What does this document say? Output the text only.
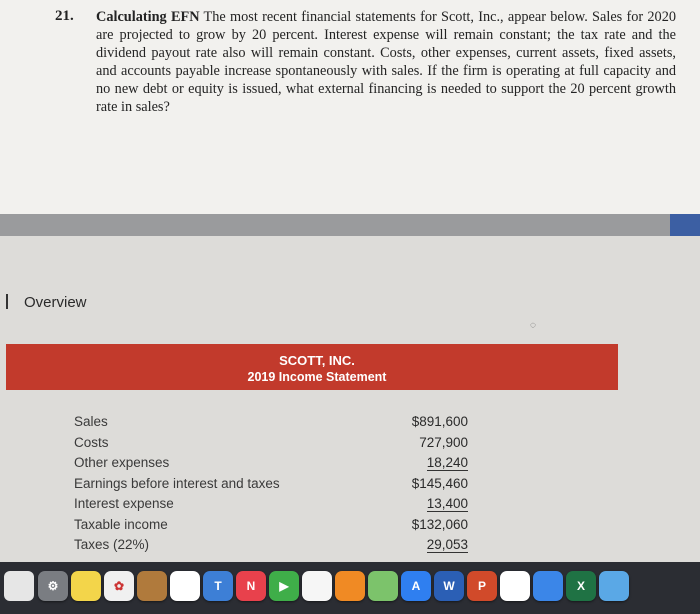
21. Calculating EFN The most recent financial statements for Scott, Inc., appear below. Sales for 2020 are projected to grow by 20 percent. Interest expense will remain constant; the tax rate and the dividend payout rate also will remain constant. Costs, other expenses, current assets, fixed assets, and accounts payable increase spontaneously with sales. If the firm is operating at full capacity and no new debt or equity is issued, what external financing is needed to support the 20 percent growth rate in sales?
Overview
◌
SCOTT, INC.
2019 Income Statement
Sales	$891,600
Costs	727,900
Other expenses	18,240
Earnings before interest and taxes	$145,460
Interest expense	13,400
Taxable income	$132,060
Taxes (22%)	29,053
⚙	✿	T	N	▶	A	W	P	X
